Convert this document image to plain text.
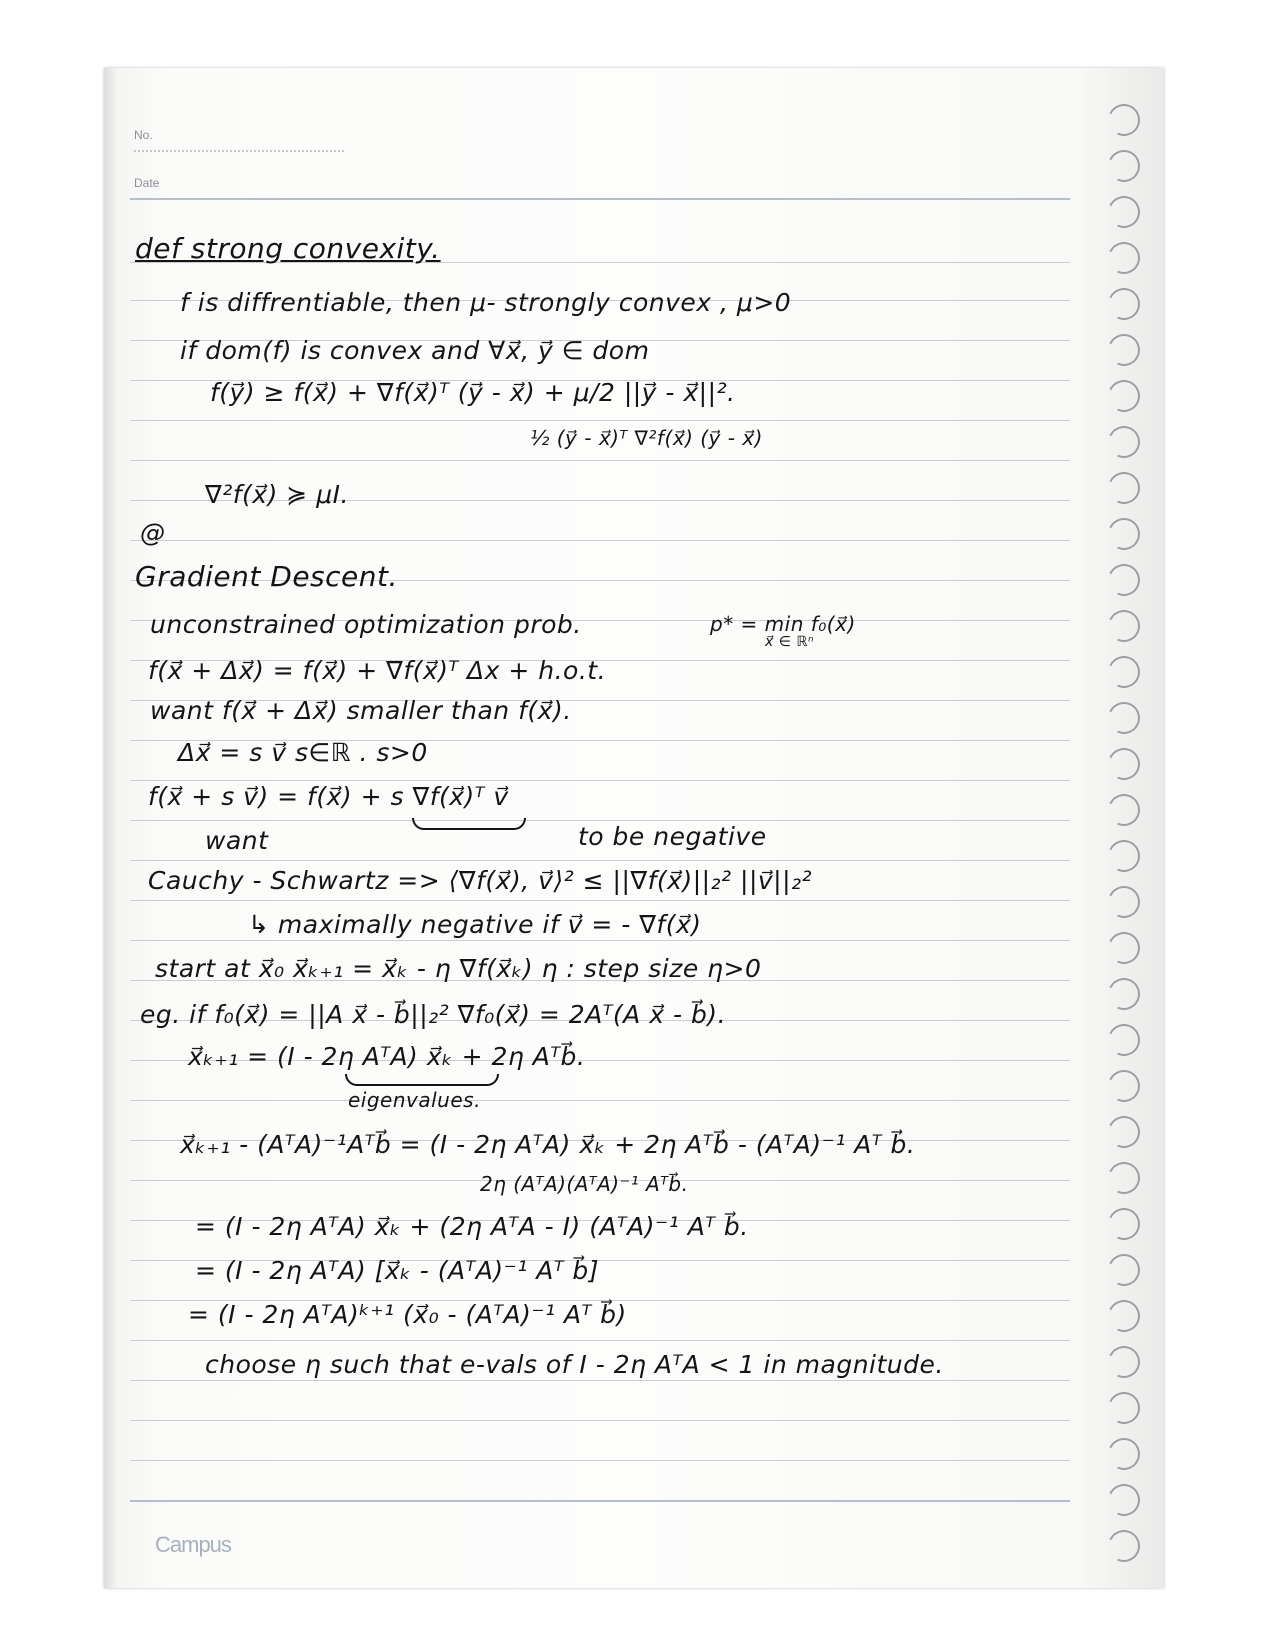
No.
Date
def strong convexity.
f is diffrentiable, then μ- strongly convex , μ>0
if dom(f) is convex and ∀x⃗, y⃗ ∈ dom
f(y⃗) ≥ f(x⃗) + ∇f(x⃗)ᵀ (y⃗ - x⃗) + μ/2 ||y⃗ - x⃗||².
½ (y⃗ - x⃗)ᵀ ∇²f(x⃗) (y⃗ - x⃗)
∇²f(x⃗) ≽ μI.
@
Gradient Descent.
unconstrained optimization prob.	p* = min f₀(x⃗)
x⃗ ∈ ℝⁿ
f(x⃗ + Δx⃗) = f(x⃗) + ∇f(x⃗)ᵀ Δx + h.o.t.
want f(x⃗ + Δx⃗) smaller than f(x⃗).
Δx⃗ = s v⃗ s∈ℝ . s>0
f(x⃗ + s v⃗) = f(x⃗) + s ∇f(x⃗)ᵀ v⃗
want	to be negative
Cauchy - Schwartz => ⟨∇f(x⃗), v⃗⟩² ≤ ||∇f(x⃗)||₂² ||v⃗||₂²
↳ maximally negative if v⃗ = - ∇f(x⃗)
start at x⃗₀ x⃗ₖ₊₁ = x⃗ₖ - η ∇f(x⃗ₖ) η : step size η>0
eg. if f₀(x⃗) = ||A x⃗ - b⃗||₂² ∇f₀(x⃗) = 2Aᵀ(A x⃗ - b⃗).
x⃗ₖ₊₁ = (I - 2η AᵀA) x⃗ₖ + 2η Aᵀb⃗.
eigenvalues.
x⃗ₖ₊₁ - (AᵀA)⁻¹Aᵀb⃗ = (I - 2η AᵀA) x⃗ₖ + 2η Aᵀb⃗ - (AᵀA)⁻¹ Aᵀ b⃗.
2η (AᵀA)(AᵀA)⁻¹ Aᵀb⃗.
= (I - 2η AᵀA) x⃗ₖ + (2η AᵀA - I) (AᵀA)⁻¹ Aᵀ b⃗.
= (I - 2η AᵀA) [x⃗ₖ - (AᵀA)⁻¹ Aᵀ b⃗]
= (I - 2η AᵀA)ᵏ⁺¹ (x⃗₀ - (AᵀA)⁻¹ Aᵀ b⃗)
choose η such that e-vals of I - 2η AᵀA < 1 in magnitude.
Campus
